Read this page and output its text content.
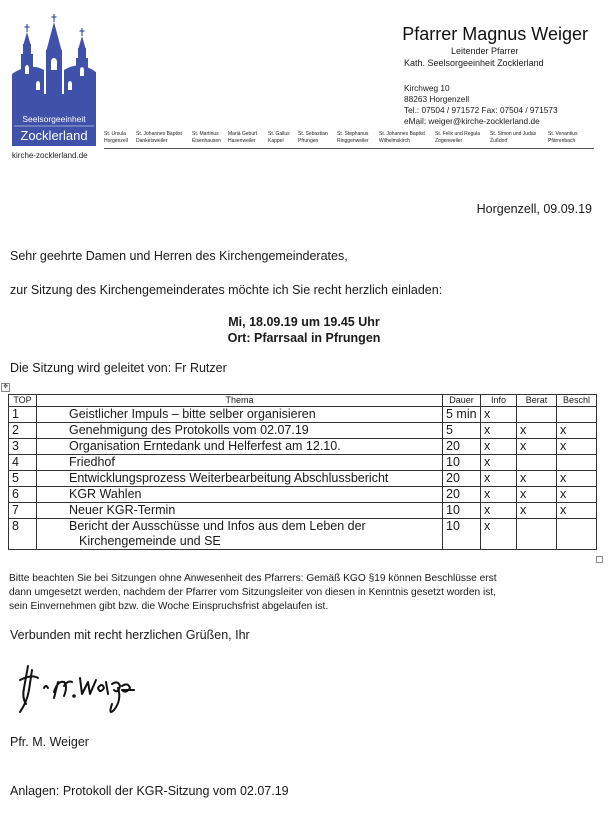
Seelsorgeeinheit
Zocklerland
kirche-zocklerland.de
Pfarrer Magnus Weiger
Leitender Pfarrer
Kath. Seelsorgeeinheit Zocklerland
Kirchweg 10
88263 Horgenzell
Tel.: 07504 / 971572 Fax: 07504 / 971573
eMail: weiger@kirche-zocklerland.de
St. Ursula
Horgenzell
St. Johannes Baptist
Danketsweiler
St. Martinus
Eisenhausen
Mariä Geburt
Hasenweiler
St. Gallus
Kappel
St. Sebastian
Pfrungen
St. Stephanus
Ringgenweiler
St. Johannes Baptist
Wilhelmskirch
St. Felix und Regula
Zogenweiler
St. Simon und Judas
Zußdorf
St. Venantius
Pfärrenbach
Horgenzell, 09.09.19
Sehr geehrte Damen und Herren des Kirchengemeinderates,
zur Sitzung des Kirchengemeinderates möchte ich Sie recht herzlich einladen:
Mi, 18.09.19 um 19.45 Uhr
Ort: Pfarrsaal in Pfrungen
Die Sitzung wird geleitet von: Fr Rutzer
✥
TOP	Thema	Dauer	Info	Berat	Beschl
1	Geistlicher Impuls – bitte selber organisieren	5 min	x		
2	Genehmigung des Protokolls vom 02.07.19	5	x	x	x
3	Organisation Erntedank und Helferfest am 12.10.	20	x	x	x
4	Friedhof	10	x		
5	Entwicklungsprozess Weiterbearbeitung Abschlussbericht	20	x	x	x
6	KGR Wahlen	20	x	x	x
7	Neuer KGR-Termin	10	x	x	x
8	Bericht der Ausschüsse und Infos aus dem Leben der
Kirchengemeinde und SE	10	x		
Bitte beachten Sie bei Sitzungen ohne Anwesenheit des Pfarrers: Gemäß KGO §19 können Beschlüsse erst
dann umgesetzt werden, nachdem der Pfarrer vom Sitzungsleiter von diesen in Kenntnis gesetzt worden ist,
sein Einvernehmen gibt bzw. die Woche Einspruchsfrist abgelaufen ist.
Verbunden mit recht herzlichen Grüßen, Ihr
Pfr. M. Weiger
Anlagen: Protokoll der KGR-Sitzung vom 02.07.19
